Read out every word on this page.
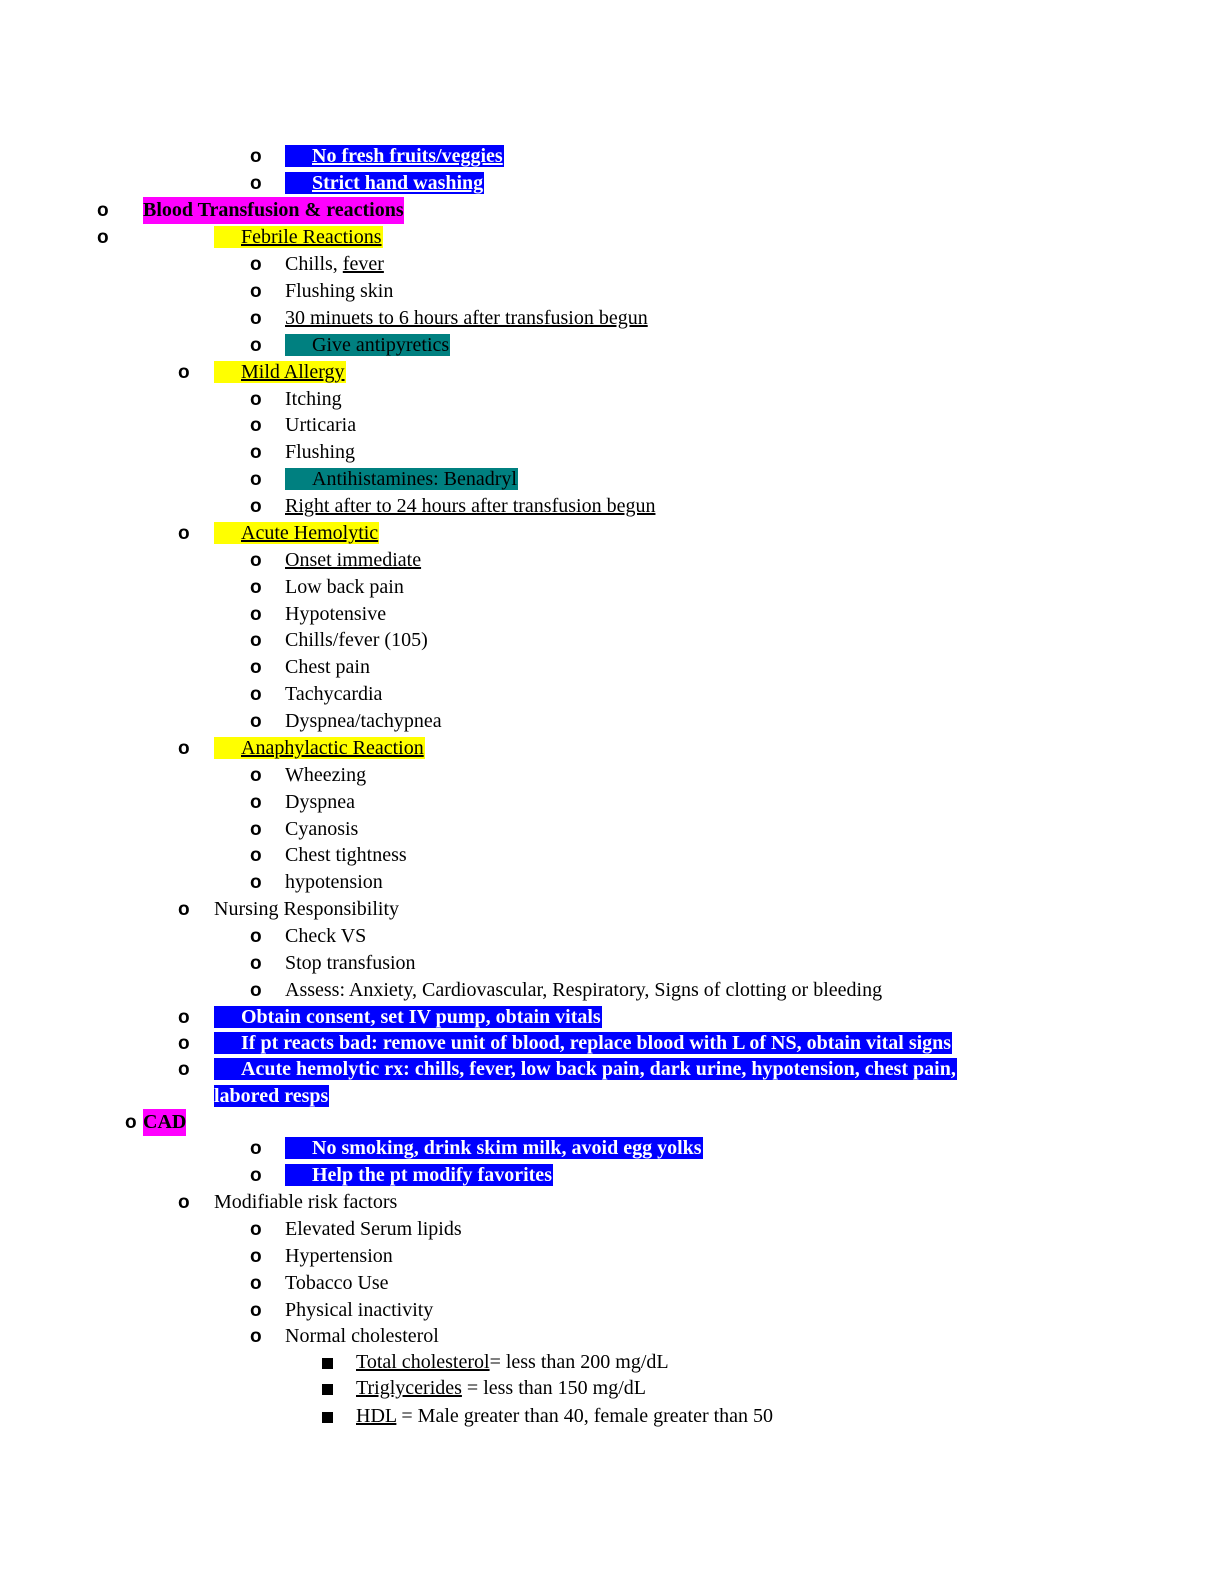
o	No fresh fruits/veggies
o	Strict hand washing
o Blood Transfusion & reactions
o	Febrile Reactions
o Chills, fever
o Flushing skin
o 30 minuets to 6 hours after transfusion begun
o	Give antipyretics
o	Mild Allergy
o Itching
o Urticaria
o Flushing
o	Antihistamines: Benadryl
o Right after to 24 hours after transfusion begun
o	Acute Hemolytic
o Onset immediate
o Low back pain
o Hypotensive
o Chills/fever (105)
o Chest pain
o Tachycardia
o Dyspnea/tachypnea
o	Anaphylactic Reaction
o Wheezing
o Dyspnea
o Cyanosis
o Chest tightness
o hypotension
o Nursing Responsibility
o Check VS
o Stop transfusion
o Assess: Anxiety, Cardiovascular, Respiratory, Signs of clotting or bleeding
o	Obtain consent, set IV pump, obtain vitals
o	If pt reacts bad: remove unit of blood, replace blood with L of NS, obtain vital signs
o	Acute hemolytic rx: chills, fever, low back pain, dark urine, hypotension, chest pain,
labored resps
o CAD
o	No smoking, drink skim milk, avoid egg yolks
o	Help the pt modify favorites
o Modifiable risk factors
o Elevated Serum lipids
o Hypertension
o Tobacco Use
o Physical inactivity
o Normal cholesterol
Total cholesterol= less than 200 mg/dL
Triglycerides = less than 150 mg/dL
HDL = Male greater than 40, female greater than 50
